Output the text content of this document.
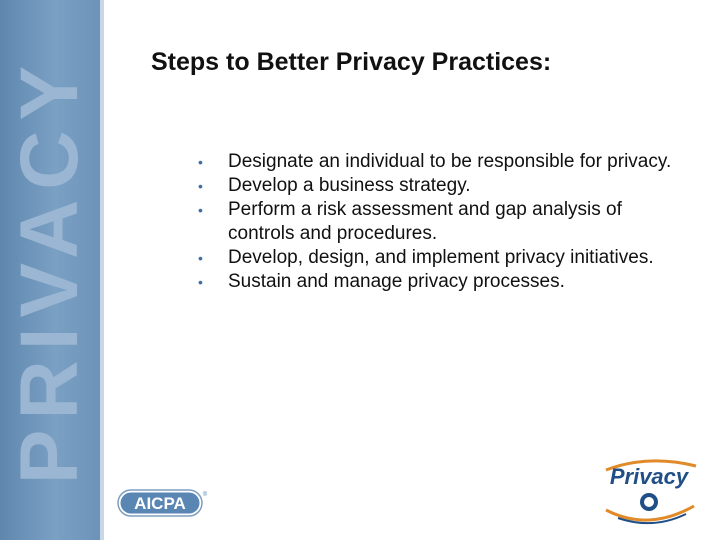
PRIVACY Steps to Better Privacy Practices:
•	Designate an individual to be responsible for privacy.
•	Develop a business strategy.
•	Perform a risk assessment and gap analysis of controls and procedures.
•	Develop, design, and implement privacy initiatives.
•	Sustain and manage privacy processes.
AICPA	®
Privacy
